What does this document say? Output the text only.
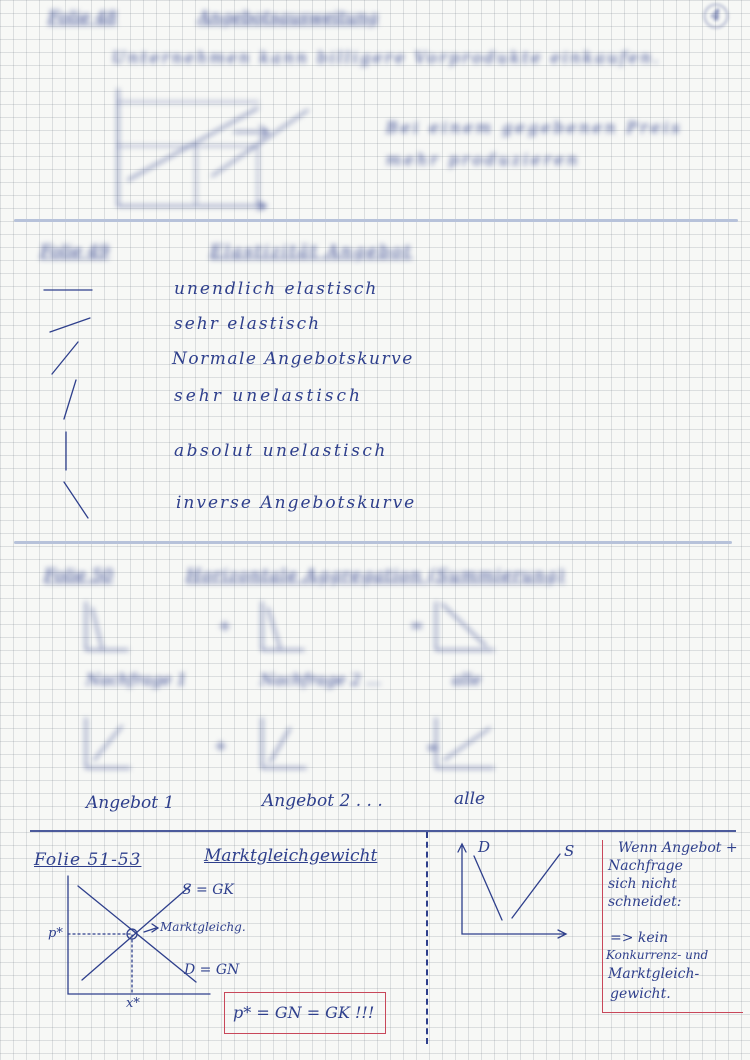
4
Folie 48	Angebotsausweitung
Unternehmen kann billigere Vorprodukte einkaufen.
Bei einem gegebenen Preis
mehr produzieren
Folie 49	Elastizität Angebot
unendlich elastisch
sehr elastisch
Normale Angebotskurve
sehr unelastisch
absolut unelastisch
inverse Angebotskurve
Folie 50	Horizontale Aggregation (Summierung)
+	=
Nachfrage 1	Nachfrage 2 ...	alle
+	=
Angebot 1	Angebot 2 . . .	alle
Folie 51-53	Marktgleichgewicht
S = GK
Marktgleichg.
D = GN
p*
x*	p* = GN = GK !!!
D	S	Wenn Angebot +
Nachfrage
sich nicht
schneidet:
=> kein
Konkurrenz- und
Marktgleich-
gewicht.
